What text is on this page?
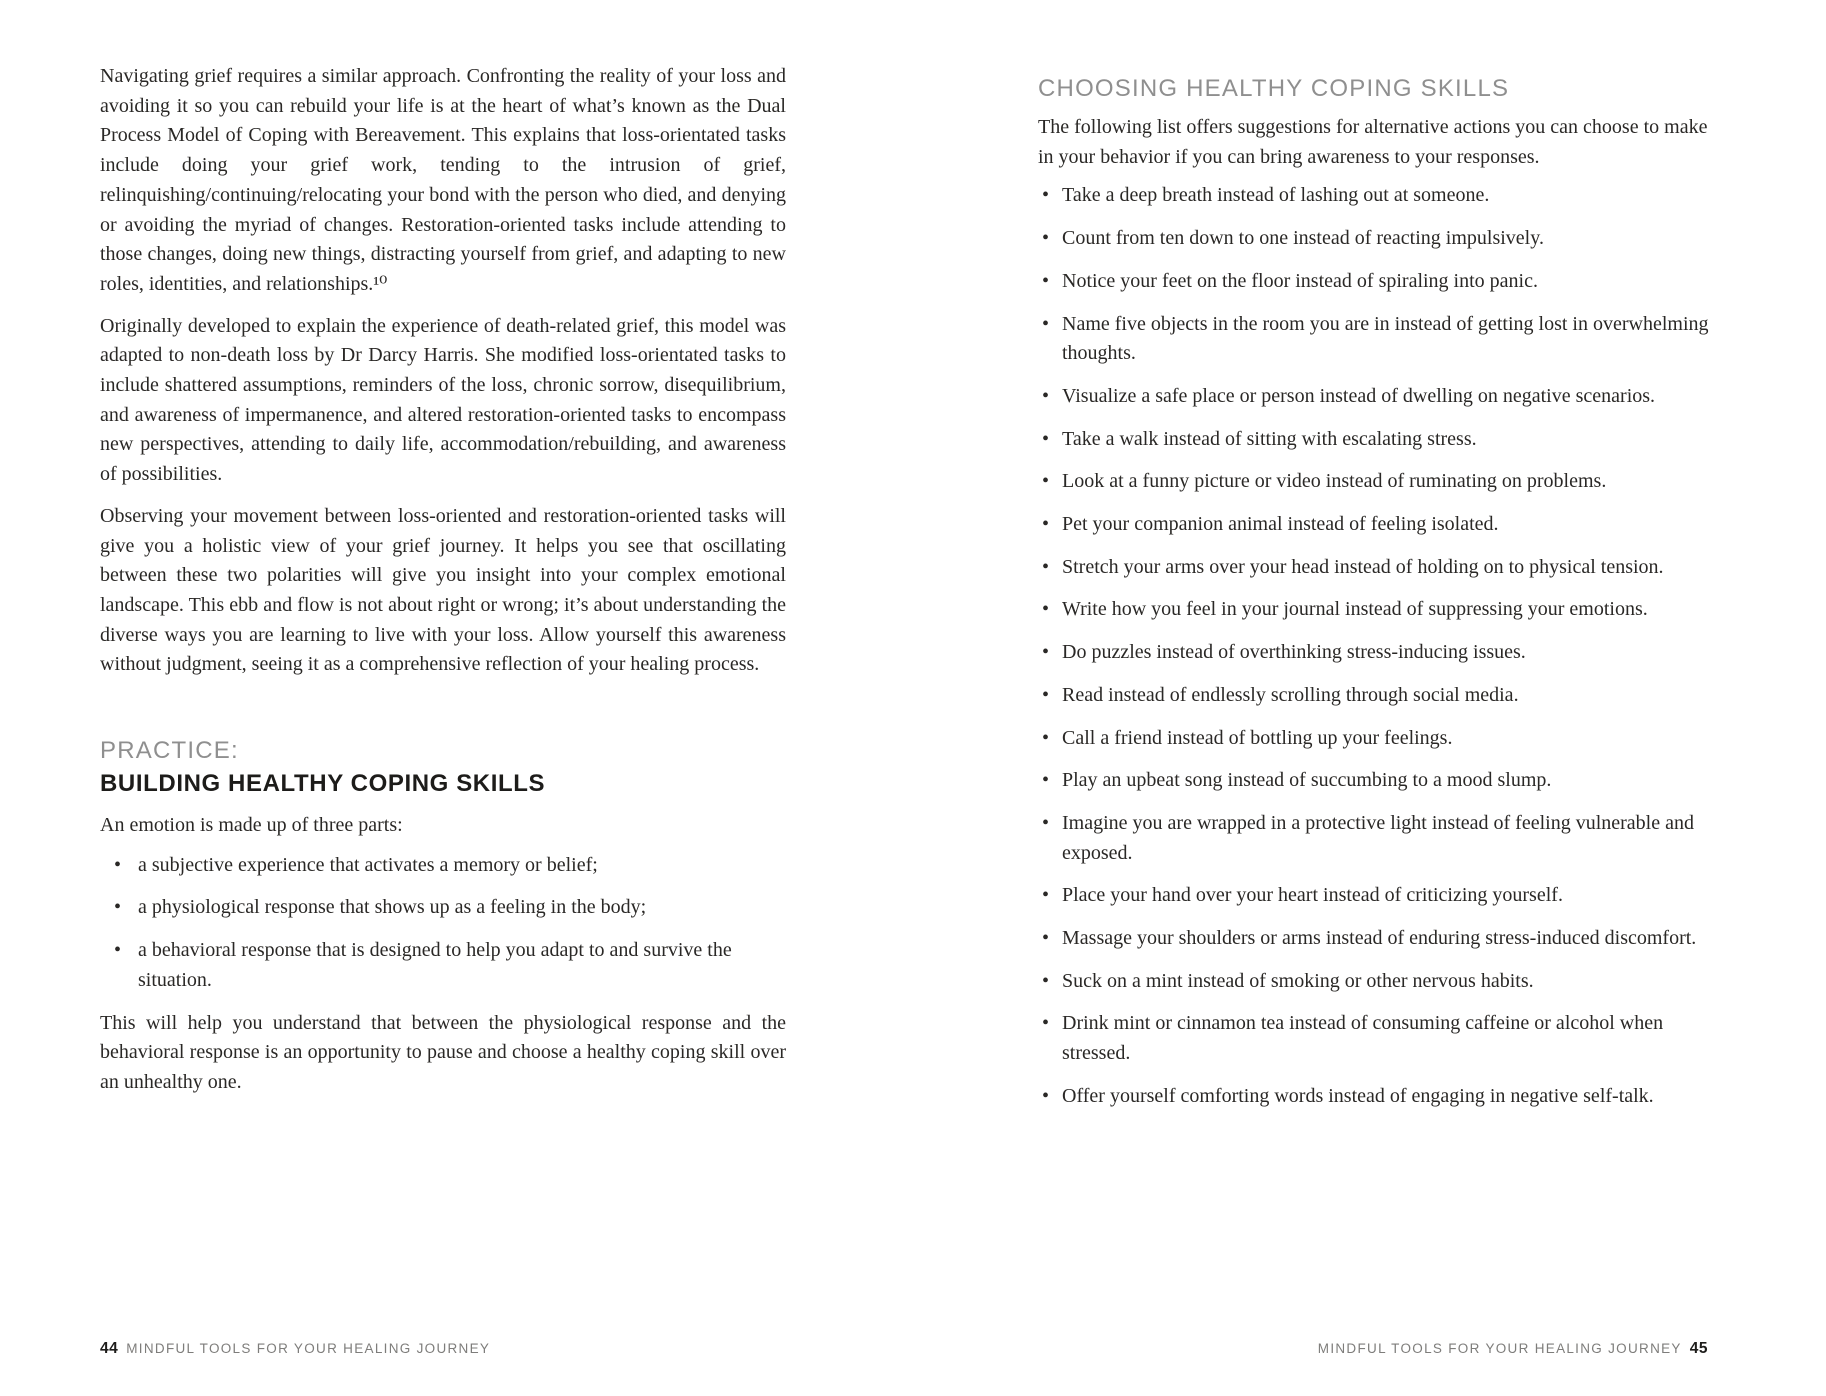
Navigating grief requires a similar approach. Confronting the reality of your loss and avoiding it so you can rebuild your life is at the heart of what’s known as the Dual Process Model of Coping with Bereavement. This explains that loss-orientated tasks include doing your grief work, tending to the intrusion of grief, relinquishing/continuing/relocating your bond with the person who died, and denying or avoiding the myriad of changes. Restoration-oriented tasks include attending to those changes, doing new things, distracting yourself from grief, and adapting to new roles, identities, and relationships.¹⁰

Originally developed to explain the experience of death-related grief, this model was adapted to non-death loss by Dr Darcy Harris. She modified loss-orientated tasks to include shattered assumptions, reminders of the loss, chronic sorrow, disequilibrium, and awareness of impermanence, and altered restoration-oriented tasks to encompass new perspectives, attending to daily life, accommodation/rebuilding, and awareness of possibilities.

Observing your movement between loss-oriented and restoration-oriented tasks will give you a holistic view of your grief journey. It helps you see that oscillating between these two polarities will give you insight into your complex emotional landscape. This ebb and flow is not about right or wrong; it’s about understanding the diverse ways you are learning to live with your loss. Allow yourself this awareness without judgment, seeing it as a comprehensive reflection of your healing process.

PRACTICE:
BUILDING HEALTHY COPING SKILLS

An emotion is made up of three parts:

• a subjective experience that activates a memory or belief;
• a physiological response that shows up as a feeling in the body;
• a behavioral response that is designed to help you adapt to and survive the situation.

This will help you understand that between the physiological response and the behavioral response is an opportunity to pause and choose a healthy coping skill over an unhealthy one.

CHOOSING HEALTHY COPING SKILLS

The following list offers suggestions for alternative actions you can choose to make in your behavior if you can bring awareness to your responses.

• Take a deep breath instead of lashing out at someone.
• Count from ten down to one instead of reacting impulsively.
• Notice your feet on the floor instead of spiraling into panic.
• Name five objects in the room you are in instead of getting lost in overwhelming thoughts.
• Visualize a safe place or person instead of dwelling on negative scenarios.
• Take a walk instead of sitting with escalating stress.
• Look at a funny picture or video instead of ruminating on problems.
• Pet your companion animal instead of feeling isolated.
• Stretch your arms over your head instead of holding on to physical tension.
• Write how you feel in your journal instead of suppressing your emotions.
• Do puzzles instead of overthinking stress-inducing issues.
• Read instead of endlessly scrolling through social media.
• Call a friend instead of bottling up your feelings.
• Play an upbeat song instead of succumbing to a mood slump.
• Imagine you are wrapped in a protective light instead of feeling vulnerable and exposed.
• Place your hand over your heart instead of criticizing yourself.
• Massage your shoulders or arms instead of enduring stress-induced discomfort.
• Suck on a mint instead of smoking or other nervous habits.
• Drink mint or cinnamon tea instead of consuming caffeine or alcohol when stressed.
• Offer yourself comforting words instead of engaging in negative self-talk.
44 MINDFUL TOOLS FOR YOUR HEALING JOURNEY	MINDFUL TOOLS FOR YOUR HEALING JOURNEY 45
